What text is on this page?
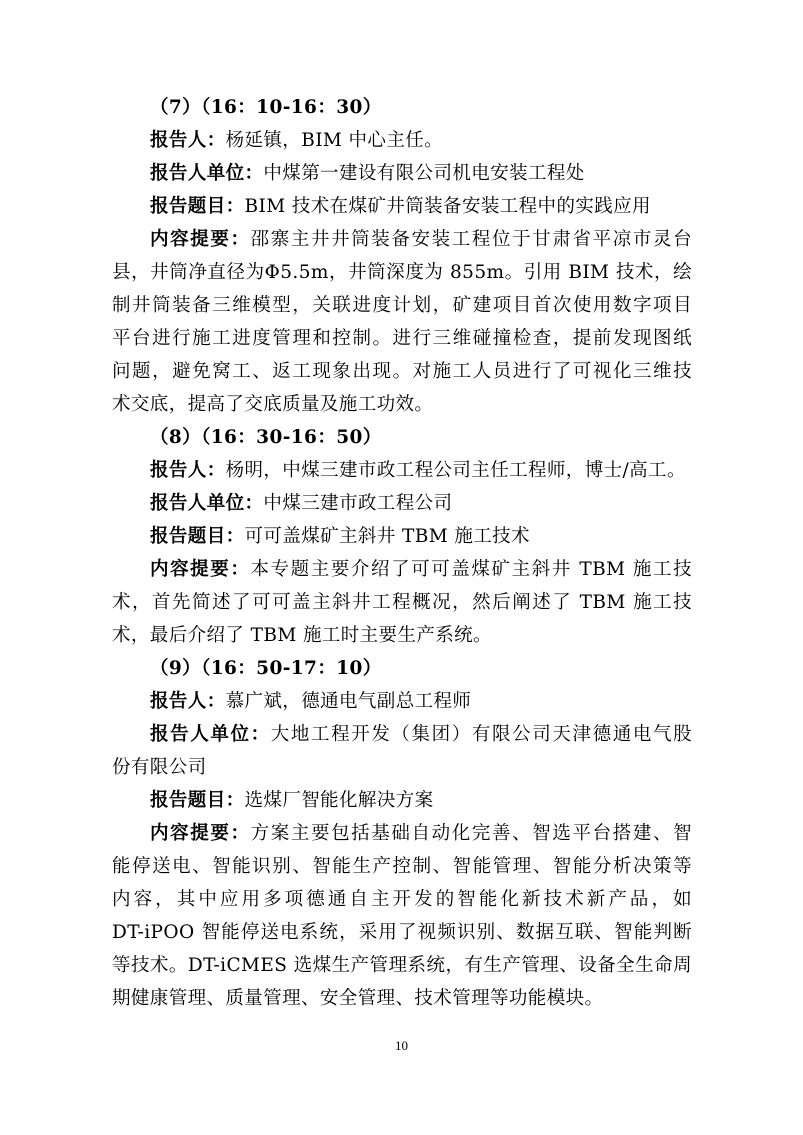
（7）（16：10-16：30）
报告人：杨延镇，BIM 中心主任。
报告人单位：中煤第一建设有限公司机电安装工程处
报告题目：BIM 技术在煤矿井筒装备安装工程中的实践应用
内容提要：邵寨主井井筒装备安装工程位于甘肃省平凉市灵台
县，井筒净直径为Φ5.5m，井筒深度为 855m。引用 BIM 技术，绘
制井筒装备三维模型，关联进度计划，矿建项目首次使用数字项目
平台进行施工进度管理和控制。进行三维碰撞检查，提前发现图纸
问题，避免窝工、返工现象出现。对施工人员进行了可视化三维技
术交底，提高了交底质量及施工功效。
（8）（16：30-16：50）
报告人：杨明，中煤三建市政工程公司主任工程师，博士/高工。
报告人单位：中煤三建市政工程公司
报告题目：可可盖煤矿主斜井 TBM 施工技术
内容提要：本专题主要介绍了可可盖煤矿主斜井 TBM 施工技
术，首先简述了可可盖主斜井工程概况，然后阐述了 TBM 施工技
术，最后介绍了 TBM 施工时主要生产系统。
（9）（16：50-17：10）
报告人：慕广斌，德通电气副总工程师
报告人单位：大地工程开发（集团）有限公司天津德通电气股
份有限公司
报告题目：选煤厂智能化解决方案
内容提要：方案主要包括基础自动化完善、智选平台搭建、智
能停送电、智能识别、智能生产控制、智能管理、智能分析决策等
内容，其中应用多项德通自主开发的智能化新技术新产品，如
DT-iPOO 智能停送电系统，采用了视频识别、数据互联、智能判断
等技术。DT-iCMES 选煤生产管理系统，有生产管理、设备全生命周
期健康管理、质量管理、安全管理、技术管理等功能模块。
10
